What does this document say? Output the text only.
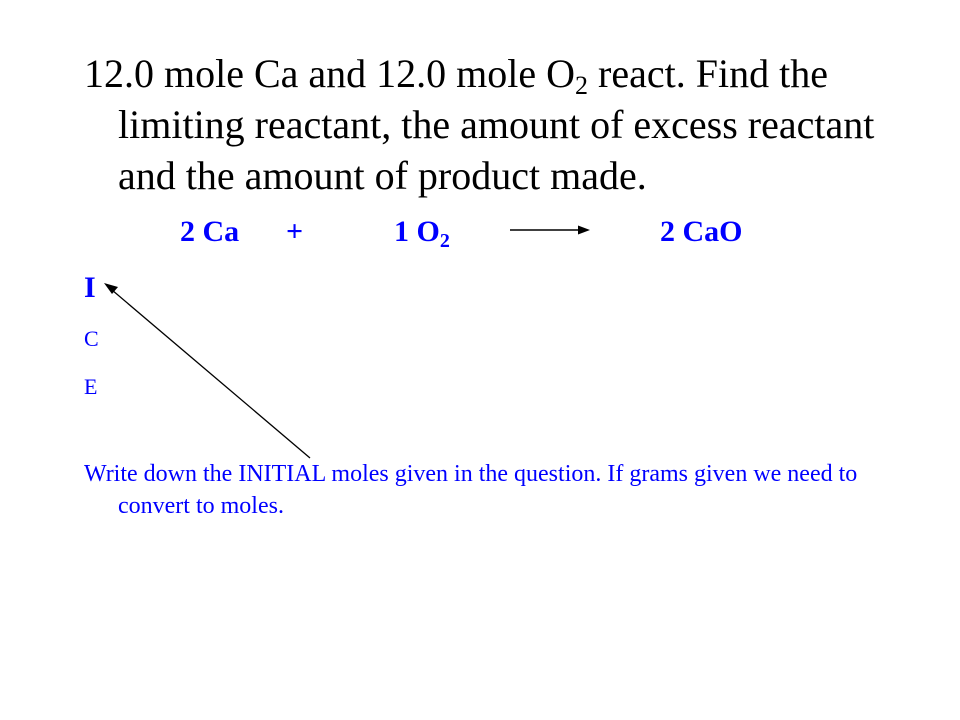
12.0 mole Ca and 12.0 mole $O_2$ react. Find the limiting reactant, the amount of excess reactant and the amount of product made.
2 Ca +	1 $O_2$	2 CaO
I
C
E
Write down the INITIAL moles given in the question. If grams given we need to convert to moles.
